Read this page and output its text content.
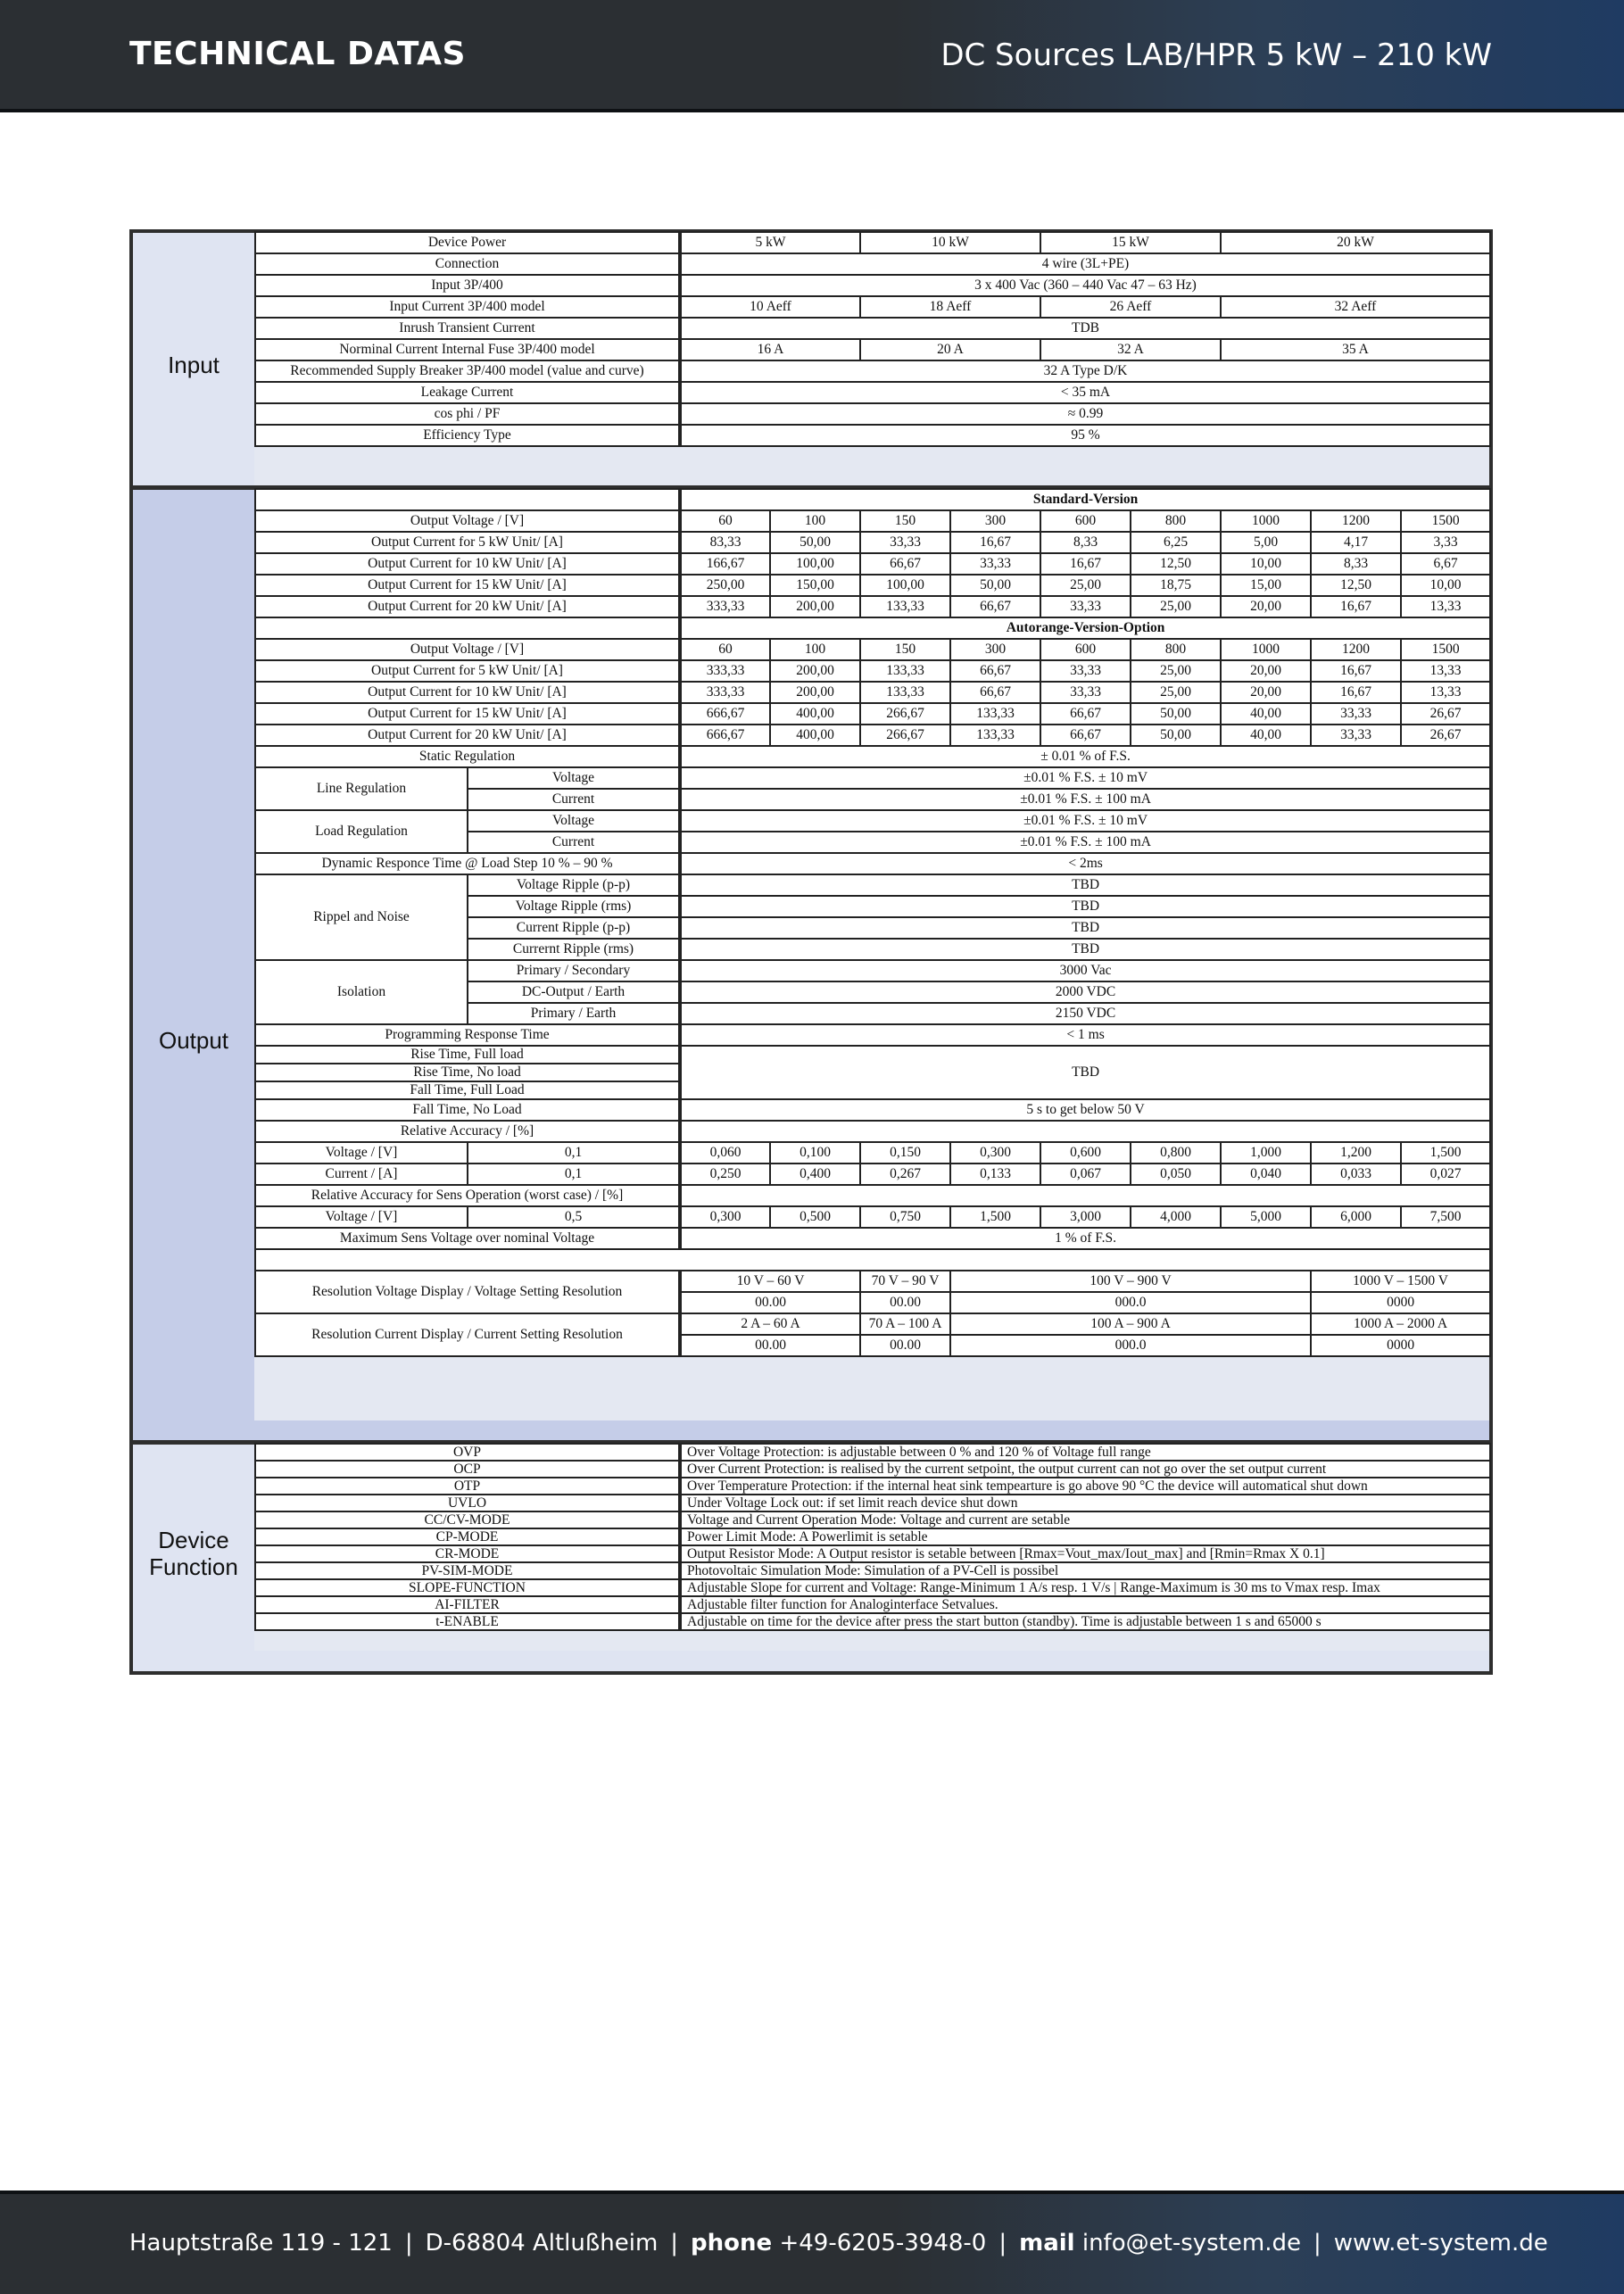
TECHNICAL DATAS	DC Sources LAB/HPR 5 kW – 210 kW
Input
Output
Device
Function
Device Power	5 kW	10 kW	15 kW	20 kW
Connection	4 wire (3L+PE)			
Input 3P/400	3 x 400 Vac (360 – 440 Vac 47 – 63 Hz)			
Input Current 3P/400 model	10 Aeff	18 Aeff	26 Aeff	32 Aeff
Inrush Transient Current	TDB			
Norminal Current Internal Fuse 3P/400 model	16 A	20 A	32 A	35 A
Recommended Supply Breaker 3P/400 model (value and curve)	32 A Type D/K			
Leakage Current	< 35 mA			
cos phi / PF	≈ 0.99			
Efficiency Type	95 %			
		Standard-Version								
Output Voltage / [V]		60	100	150	300	600	800	1000	1200	1500
Output Current for 5 kW Unit/ [A]		83,33	50,00	33,33	16,67	8,33	6,25	5,00	4,17	3,33
Output Current for 10 kW Unit/ [A]		166,67	100,00	66,67	33,33	16,67	12,50	10,00	8,33	6,67
Output Current for 15 kW Unit/ [A]		250,00	150,00	100,00	50,00	25,00	18,75	15,00	12,50	10,00
Output Current for 20 kW Unit/ [A]		333,33	200,00	133,33	66,67	33,33	25,00	20,00	16,67	13,33
		Autorange-Version-Option								
Output Voltage / [V]		60	100	150	300	600	800	1000	1200	1500
Output Current for 5 kW Unit/ [A]		333,33	200,00	133,33	66,67	33,33	25,00	20,00	16,67	13,33
Output Current for 10 kW Unit/ [A]		333,33	200,00	133,33	66,67	33,33	25,00	20,00	16,67	13,33
Output Current for 15 kW Unit/ [A]		666,67	400,00	266,67	133,33	66,67	50,00	40,00	33,33	26,67
Output Current for 20 kW Unit/ [A]		666,67	400,00	266,67	133,33	66,67	50,00	40,00	33,33	26,67
Static Regulation		± 0.01 % of F.S.								
Line Regulation	Voltage	±0.01 % F.S. ± 10 mV								
	Current	±0.01 % F.S. ± 100 mA								
Load Regulation	Voltage	±0.01 % F.S. ± 10 mV								
	Current	±0.01 % F.S. ± 100 mA								
Dynamic Responce Time @ Load Step 10 % – 90 %		< 2ms								
Rippel and Noise	Voltage Ripple (p-p)	TBD								
	Voltage Ripple (rms)	TBD								
	Current Ripple (p-p)	TBD								
	Currernt Ripple (rms)	TBD								
Isolation	Primary / Secondary	3000 Vac								
	DC-Output / Earth	2000 VDC								
	Primary / Earth	2150 VDC								
Programming Response Time		< 1 ms								
Rise Time, Full load		TBD								
Rise Time, No load										
Fall Time, Full Load										
Fall Time, No Load		5 s to get below 50 V								
Relative Accuracy / [%]										
Voltage / [V]	0,1	0,060	0,100	0,150	0,300	0,600	0,800	1,000	1,200	1,500
Current / [A]	0,1	0,250	0,400	0,267	0,133	0,067	0,050	0,040	0,033	0,027
Relative Accuracy for Sens Operation (worst case) / [%]										
Voltage / [V]	0,5	0,300	0,500	0,750	1,500	3,000	4,000	5,000	6,000	7,500
Maximum Sens Voltage over nominal Voltage		1 % of F.S.								

Resolution Voltage Display / Voltage Setting Resolution		10 V – 60 V		70 V – 90 V	100 V – 900 V				1000 V – 1500 V	
		00.00		00.00	000.0				0000	
Resolution Current Display / Current Setting Resolution		2 A – 60 A		70 A – 100 A	100 A – 900 A				1000 A – 2000 A	
		00.00		00.00	000.0				0000	
OVP	Over Voltage Protection: is adjustable between 0 % and 120 % of Voltage full range
OCP	Over Current Protection: is realised by the current setpoint, the output current can not go over the set output current
OTP	Over Temperature Protection: if the internal heat sink tempearture is go above 90 °C the device will automatical shut down
UVLO	Under Voltage Lock out: if set limit reach device shut down
CC/CV-MODE	Voltage and Current Operation Mode: Voltage and current are setable
CP-MODE	Power Limit Mode: A Powerlimit is setable
CR-MODE	Output Resistor Mode: A Output resistor is setable between [Rmax=Vout_max/Iout_max] and [Rmin=Rmax X 0.1]
PV-SIM-MODE	Photovoltaic Simulation Mode: Simulation of a PV-Cell is possibel
SLOPE-FUNCTION	Adjustable Slope for current and Voltage: Range-Minimum 1 A/s resp. 1 V/s | Range-Maximum is 30 ms to Vmax resp. Imax
AI-FILTER	Adjustable filter function for Analoginterface Setvalues.
t-ENABLE	Adjustable on time for the device after press the start button (standby). Time is adjustable between 1 s and 65000 s
Hauptstraße 119 - 121 | D-68804 Altlußheim | phone +49-6205-3948-0 | mail info@et-system.de | www.et-system.de
